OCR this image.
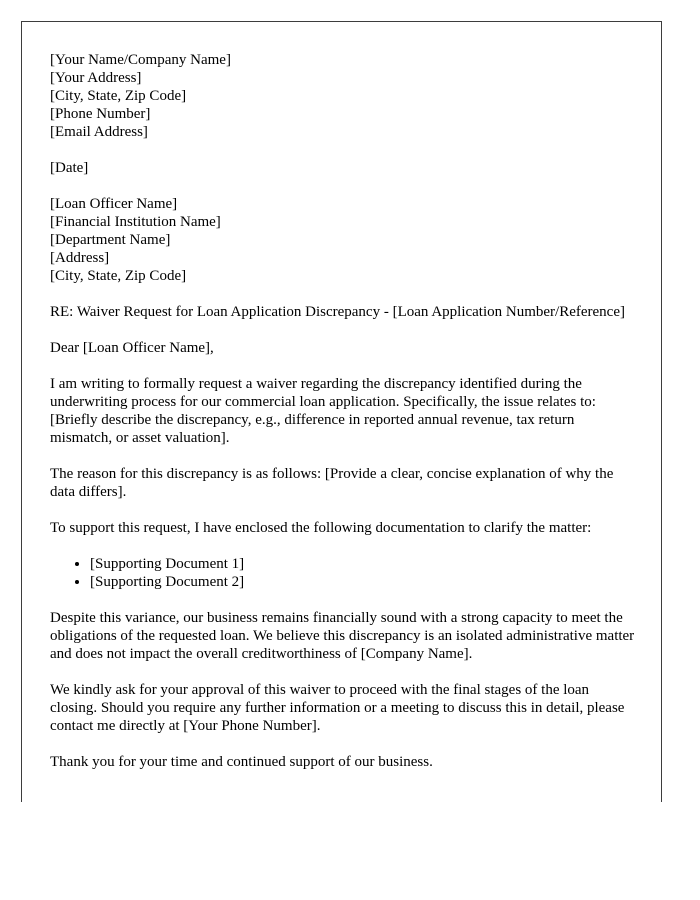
[Your Name/Company Name]
[Your Address]
[City, State, Zip Code]
[Phone Number]
[Email Address]
[Date]
[Loan Officer Name]
[Financial Institution Name]
[Department Name]
[Address]
[City, State, Zip Code]
RE: Waiver Request for Loan Application Discrepancy - [Loan Application Number/Reference]
Dear [Loan Officer Name],
I am writing to formally request a waiver regarding the discrepancy identified during the underwriting process for our commercial loan application. Specifically, the issue relates to: [Briefly describe the discrepancy, e.g., difference in reported annual revenue, tax return mismatch, or asset valuation].
The reason for this discrepancy is as follows: [Provide a clear, concise explanation of why the data differs].
To support this request, I have enclosed the following documentation to clarify the matter:
• [Supporting Document 1]
• [Supporting Document 2]
Despite this variance, our business remains financially sound with a strong capacity to meet the obligations of the requested loan. We believe this discrepancy is an isolated administrative matter and does not impact the overall creditworthiness of [Company Name].
We kindly ask for your approval of this waiver to proceed with the final stages of the loan closing. Should you require any further information or a meeting to discuss this in detail, please contact me directly at [Your Phone Number].
Thank you for your time and continued support of our business.
